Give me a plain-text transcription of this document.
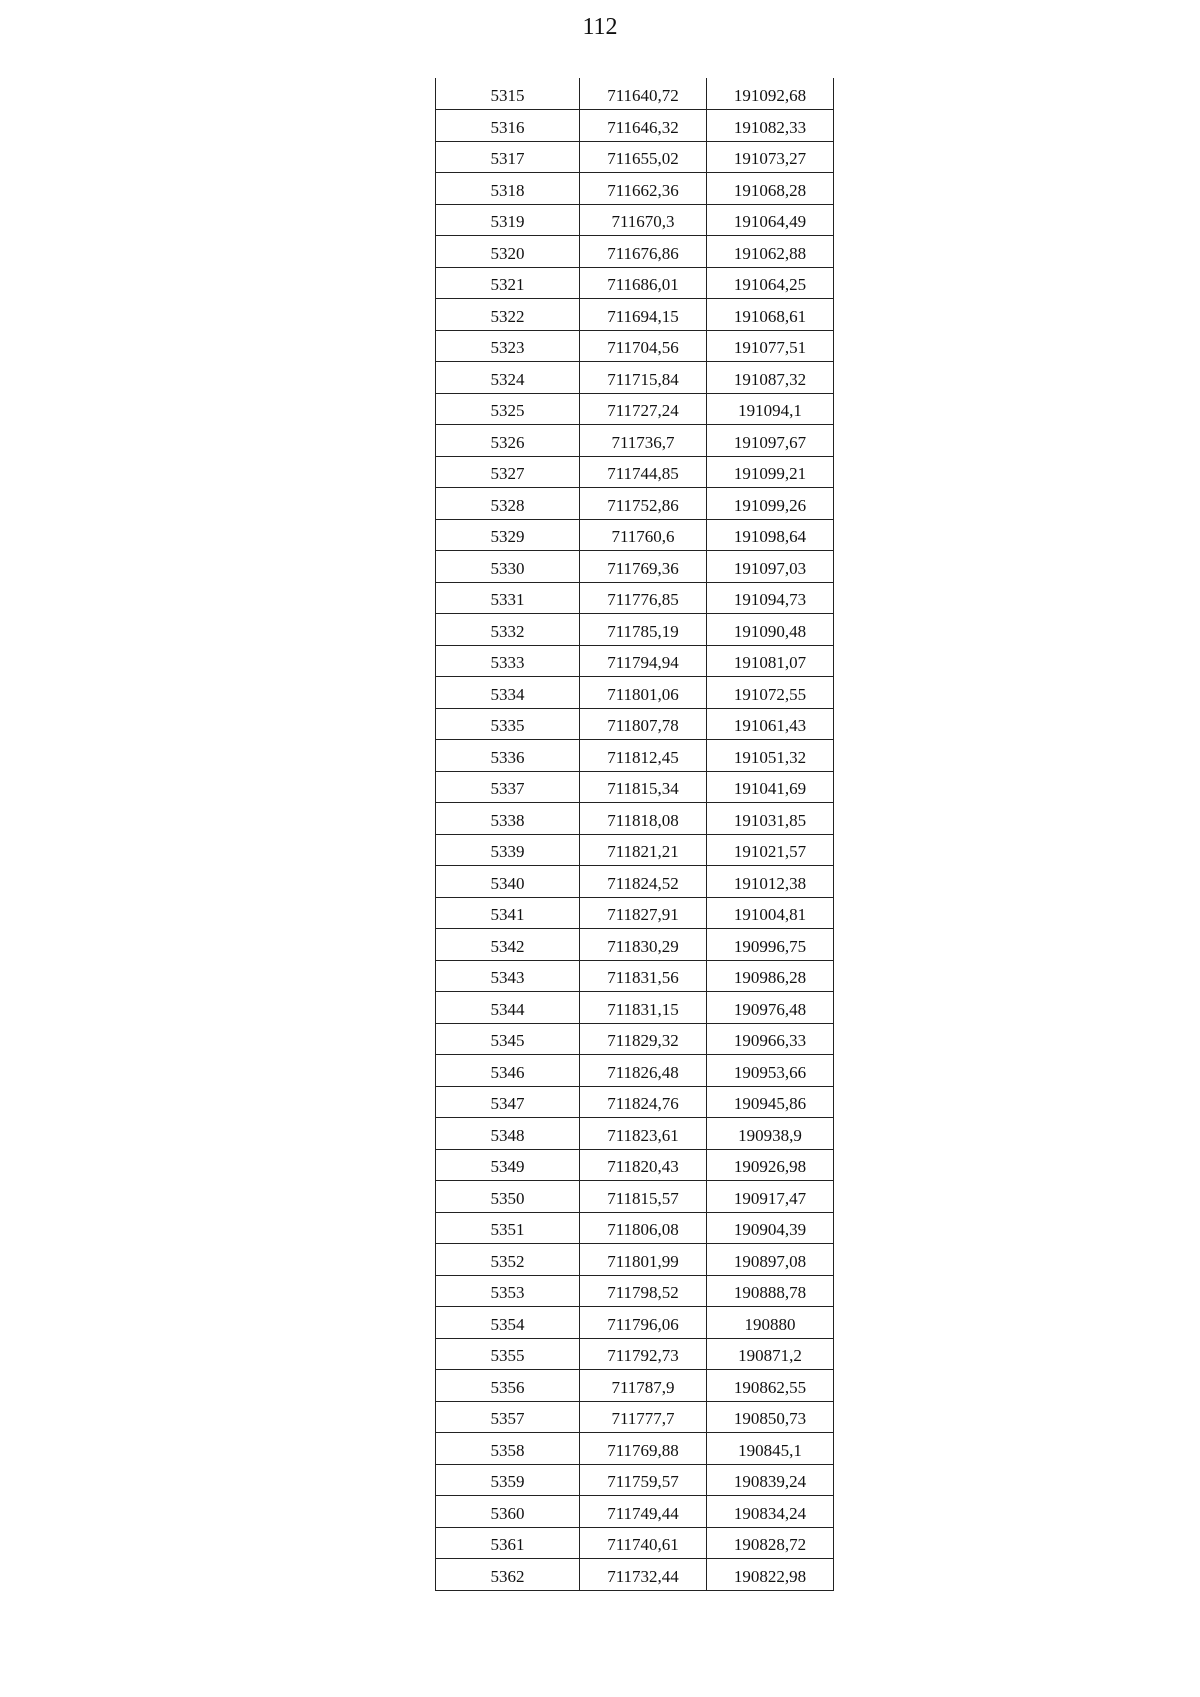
112
5315	711640,72	191092,68
5316	711646,32	191082,33
5317	711655,02	191073,27
5318	711662,36	191068,28
5319	711670,3	191064,49
5320	711676,86	191062,88
5321	711686,01	191064,25
5322	711694,15	191068,61
5323	711704,56	191077,51
5324	711715,84	191087,32
5325	711727,24	191094,1
5326	711736,7	191097,67
5327	711744,85	191099,21
5328	711752,86	191099,26
5329	711760,6	191098,64
5330	711769,36	191097,03
5331	711776,85	191094,73
5332	711785,19	191090,48
5333	711794,94	191081,07
5334	711801,06	191072,55
5335	711807,78	191061,43
5336	711812,45	191051,32
5337	711815,34	191041,69
5338	711818,08	191031,85
5339	711821,21	191021,57
5340	711824,52	191012,38
5341	711827,91	191004,81
5342	711830,29	190996,75
5343	711831,56	190986,28
5344	711831,15	190976,48
5345	711829,32	190966,33
5346	711826,48	190953,66
5347	711824,76	190945,86
5348	711823,61	190938,9
5349	711820,43	190926,98
5350	711815,57	190917,47
5351	711806,08	190904,39
5352	711801,99	190897,08
5353	711798,52	190888,78
5354	711796,06	190880
5355	711792,73	190871,2
5356	711787,9	190862,55
5357	711777,7	190850,73
5358	711769,88	190845,1
5359	711759,57	190839,24
5360	711749,44	190834,24
5361	711740,61	190828,72
5362	711732,44	190822,98
